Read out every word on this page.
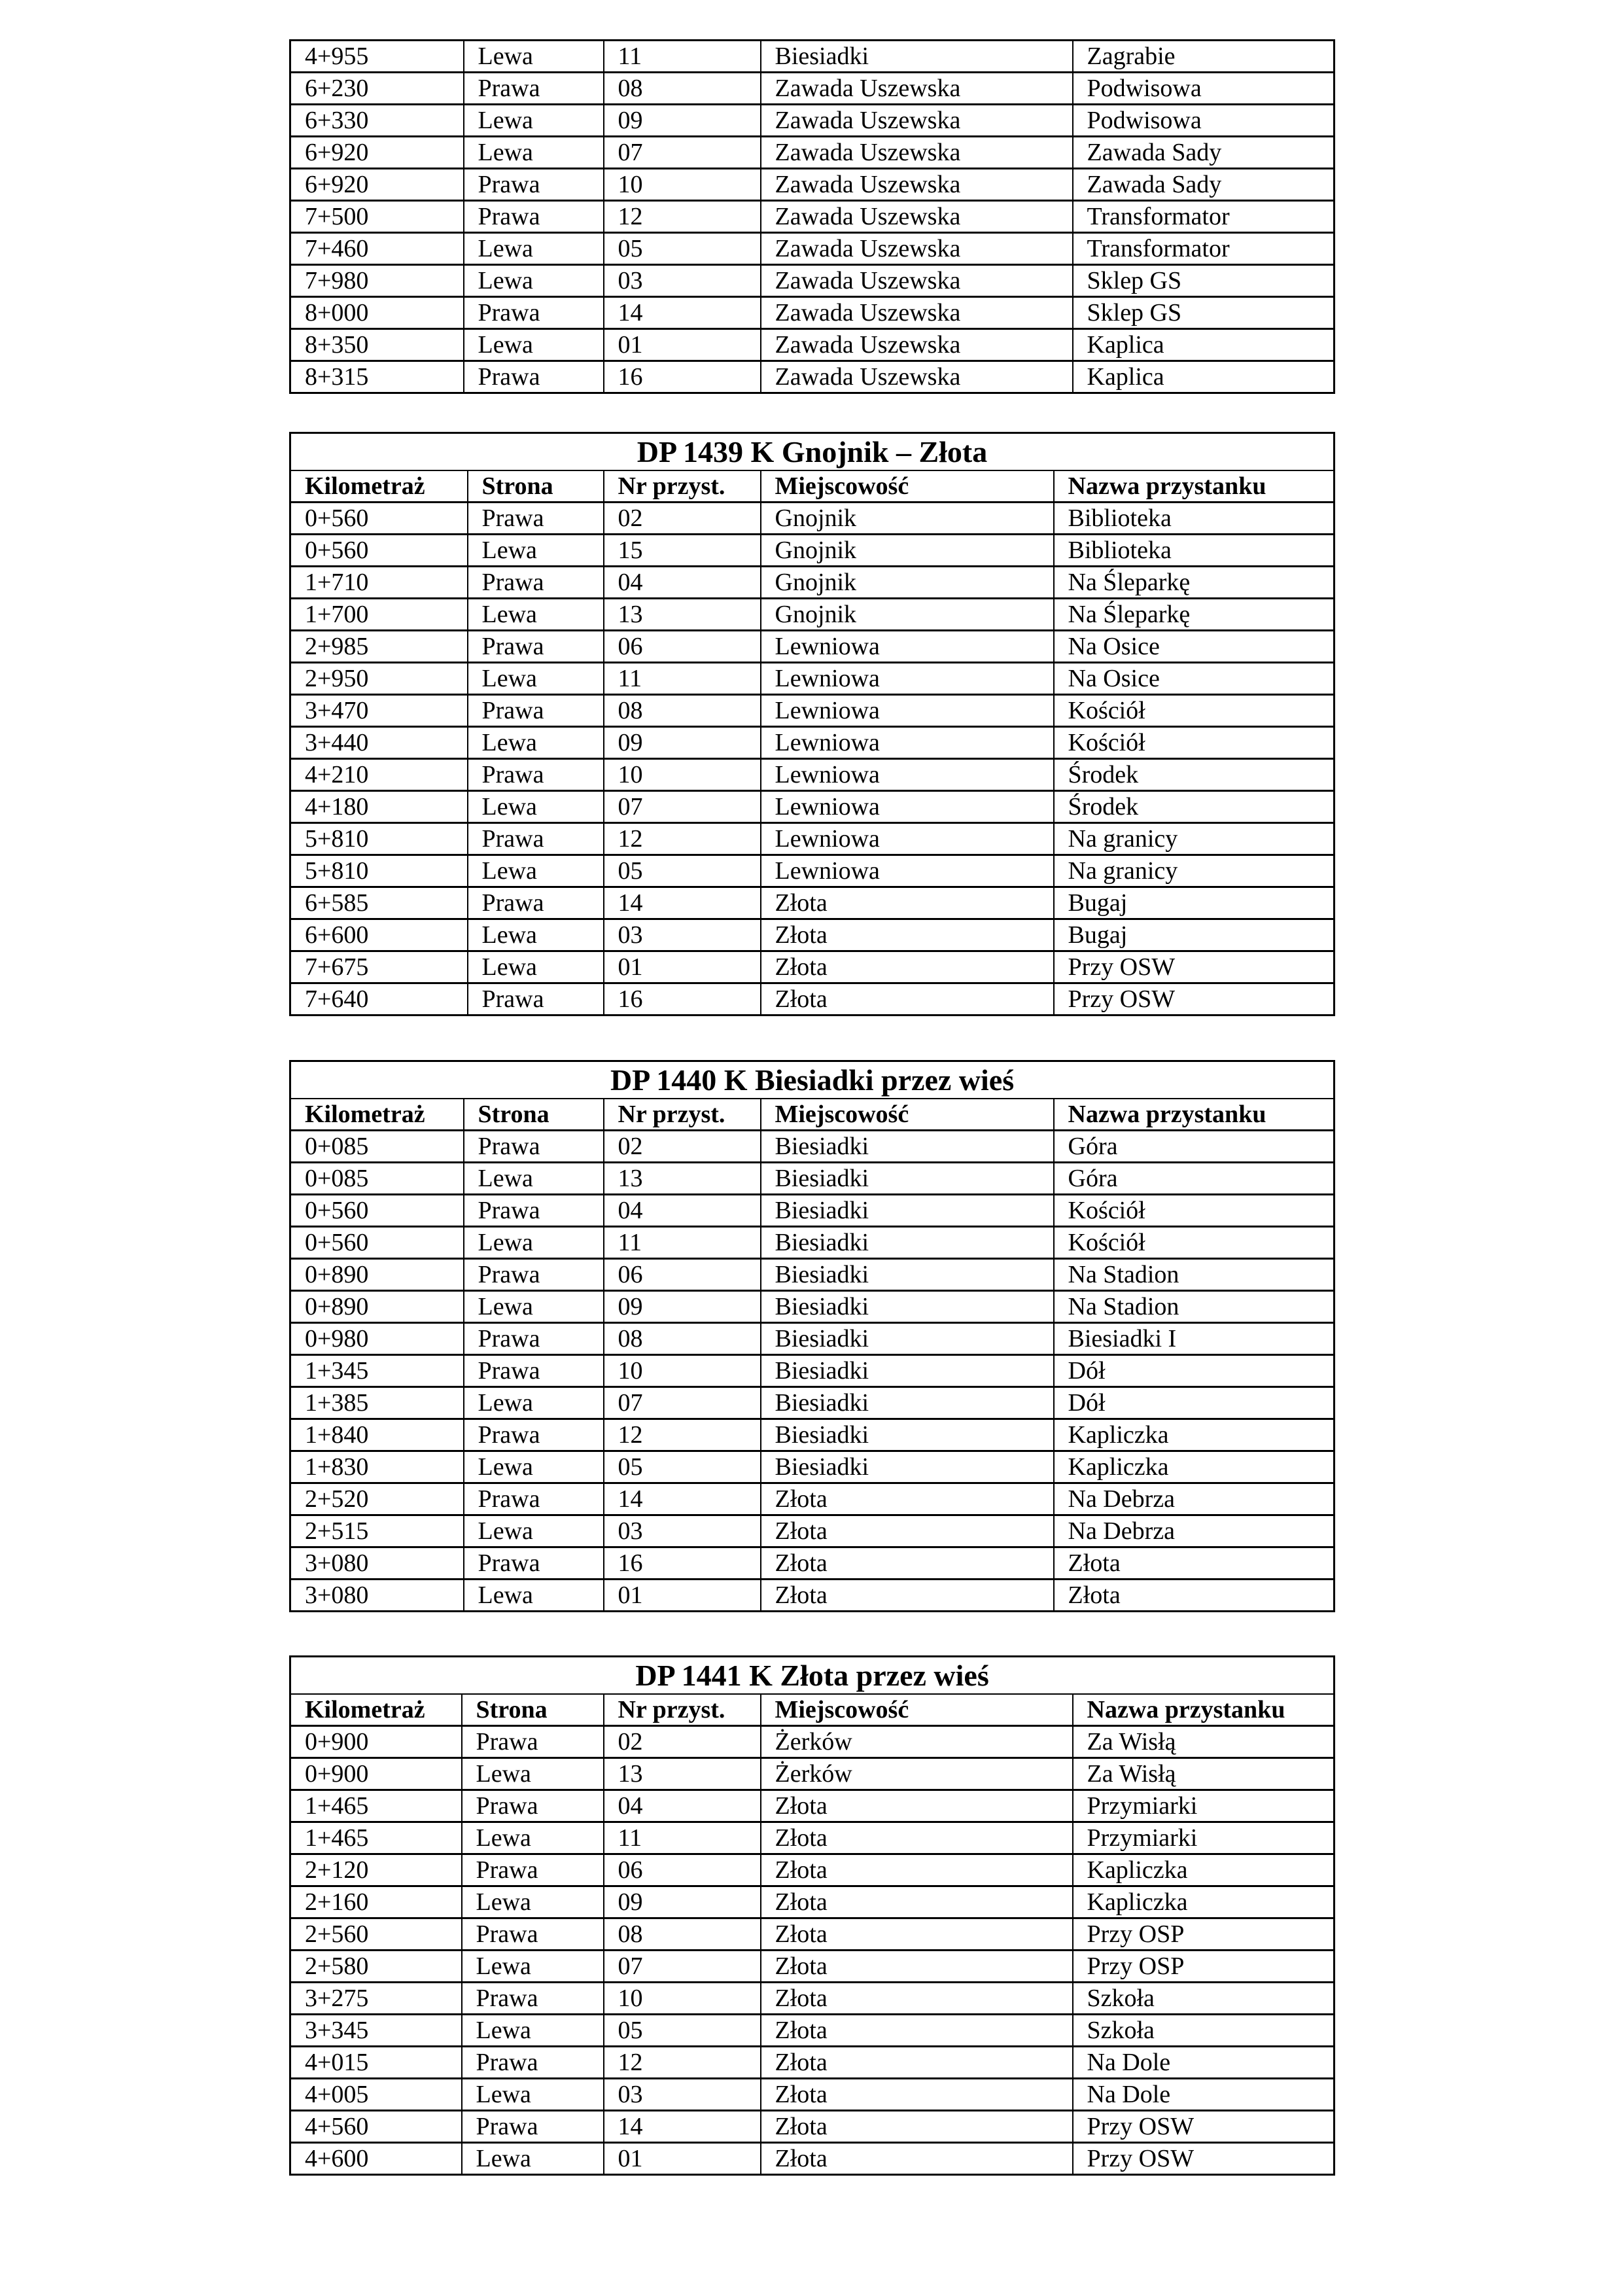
4+955	Lewa	11	Biesiadki	Zagrabie
6+230	Prawa	08	Zawada Uszewska	Podwisowa
6+330	Lewa	09	Zawada Uszewska	Podwisowa
6+920	Lewa	07	Zawada Uszewska	Zawada Sady
6+920	Prawa	10	Zawada Uszewska	Zawada Sady
7+500	Prawa	12	Zawada Uszewska	Transformator
7+460	Lewa	05	Zawada Uszewska	Transformator
7+980	Lewa	03	Zawada Uszewska	Sklep GS
8+000	Prawa	14	Zawada Uszewska	Sklep GS
8+350	Lewa	01	Zawada Uszewska	Kaplica
8+315	Prawa	16	Zawada Uszewska	Kaplica
DP 1439 K Gnojnik – Złota				
Kilometraż	Strona	Nr przyst.	Miejscowość	Nazwa przystanku
0+560	Prawa	02	Gnojnik	Biblioteka
0+560	Lewa	15	Gnojnik	Biblioteka
1+710	Prawa	04	Gnojnik	Na Śleparkę
1+700	Lewa	13	Gnojnik	Na Śleparkę
2+985	Prawa	06	Lewniowa	Na Osice
2+950	Lewa	11	Lewniowa	Na Osice
3+470	Prawa	08	Lewniowa	Kościół
3+440	Lewa	09	Lewniowa	Kościół
4+210	Prawa	10	Lewniowa	Środek
4+180	Lewa	07	Lewniowa	Środek
5+810	Prawa	12	Lewniowa	Na granicy
5+810	Lewa	05	Lewniowa	Na granicy
6+585	Prawa	14	Złota	Bugaj
6+600	Lewa	03	Złota	Bugaj
7+675	Lewa	01	Złota	Przy OSW
7+640	Prawa	16	Złota	Przy OSW
DP 1440 K Biesiadki przez wieś				
Kilometraż	Strona	Nr przyst.	Miejscowość	Nazwa przystanku
0+085	Prawa	02	Biesiadki	Góra
0+085	Lewa	13	Biesiadki	Góra
0+560	Prawa	04	Biesiadki	Kościół
0+560	Lewa	11	Biesiadki	Kościół
0+890	Prawa	06	Biesiadki	Na Stadion
0+890	Lewa	09	Biesiadki	Na Stadion
0+980	Prawa	08	Biesiadki	Biesiadki I
1+345	Prawa	10	Biesiadki	Dół
1+385	Lewa	07	Biesiadki	Dół
1+840	Prawa	12	Biesiadki	Kapliczka
1+830	Lewa	05	Biesiadki	Kapliczka
2+520	Prawa	14	Złota	Na Debrza
2+515	Lewa	03	Złota	Na Debrza
3+080	Prawa	16	Złota	Złota
3+080	Lewa	01	Złota	Złota
DP 1441 K Złota przez wieś				
Kilometraż	Strona	Nr przyst.	Miejscowość	Nazwa przystanku
0+900	Prawa	02	Żerków	Za Wisłą
0+900	Lewa	13	Żerków	Za Wisłą
1+465	Prawa	04	Złota	Przymiarki
1+465	Lewa	11	Złota	Przymiarki
2+120	Prawa	06	Złota	Kapliczka
2+160	Lewa	09	Złota	Kapliczka
2+560	Prawa	08	Złota	Przy OSP
2+580	Lewa	07	Złota	Przy OSP
3+275	Prawa	10	Złota	Szkoła
3+345	Lewa	05	Złota	Szkoła
4+015	Prawa	12	Złota	Na Dole
4+005	Lewa	03	Złota	Na Dole
4+560	Prawa	14	Złota	Przy OSW
4+600	Lewa	01	Złota	Przy OSW
